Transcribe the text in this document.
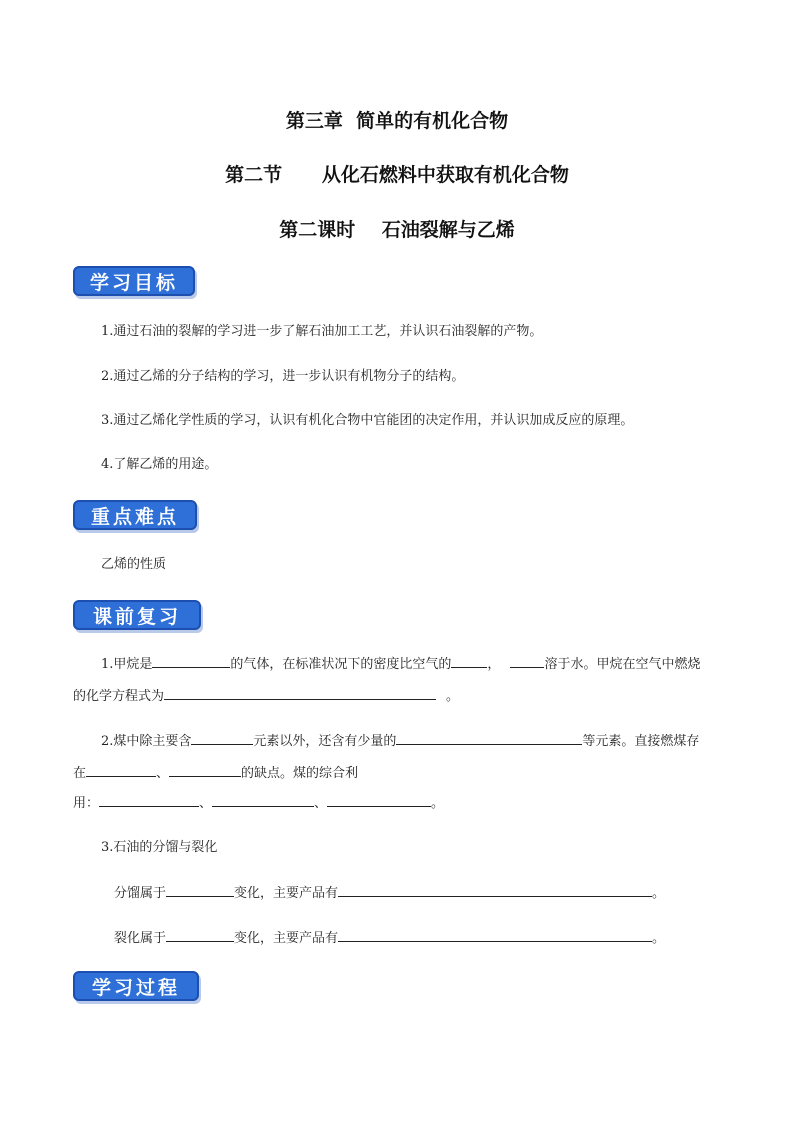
第三章  简单的有机化合物
第二节      从化石燃料中获取有机化合物
第二课时    石油裂解与乙烯
学习目标
1.通过石油的裂解的学习进一步了解石油加工工艺，并认识石油裂解的产物。
2.通过乙烯的分子结构的学习，进一步认识有机物分子的结构。
3.通过乙烯化学性质的学习，认识有机化合物中官能团的决定作用，并认识加成反应的原理。
4.了解乙烯的用途。
重点难点
乙烯的性质
课前复习
1.甲烷是	的气体，在标准状况下的密度比空气的	，	溶于水。甲烷在空气中燃烧
的化学方程式为	。
2.煤中除主要含	元素以外，还含有少量的	等元素。直接燃煤存
在	、	的缺点。煤的综合利
用：	、	、	。
3.石油的分馏与裂化
分馏属于	变化，主要产品有	。
裂化属于	变化，主要产品有	。
学习过程
